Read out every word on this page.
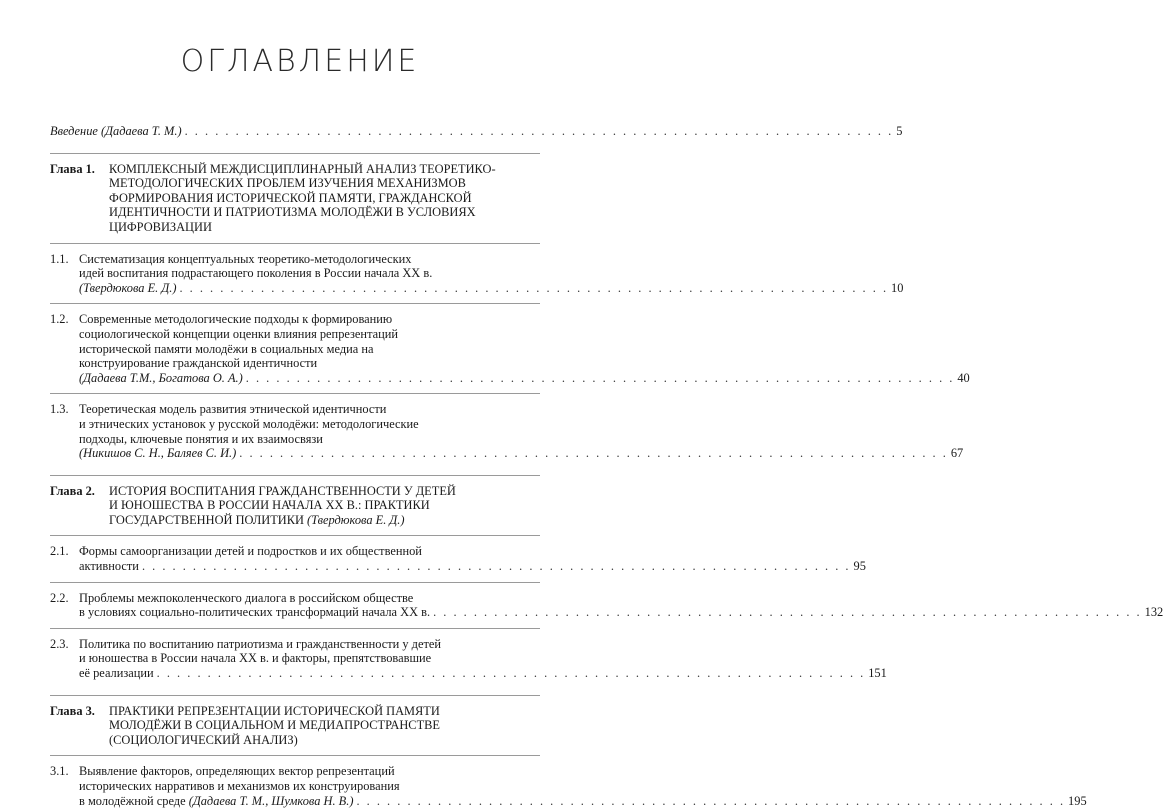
ОГЛАВЛЕНИЕ
Введение (Дадаева Т. М.) . . . . . . . . . . . . . . . . . . . . . . . . . . . . . . . . . . . . . . . . . . . . . . . . . . . . . . . . . . . . . . . . . . . . . . 5
Глава 1. КОМПЛЕКСНЫЙ МЕЖДИСЦИПЛИНАРНЫЙ АНАЛИЗ ТЕОРЕТИКО-
МЕТОДОЛОГИЧЕСКИХ ПРОБЛЕМ ИЗУЧЕНИЯ МЕХАНИЗМОВ
ФОРМИРОВАНИЯ ИСТОРИЧЕСКОЙ ПАМЯТИ, ГРАЖДАНСКОЙ
ИДЕНТИЧНОСТИ И ПАТРИОТИЗМА МОЛОДЁЖИ В УСЛОВИЯХ
ЦИФРОВИЗАЦИИ
1.1. Систематизация концептуальных теоретико-методологических
идей воспитания подрастающего поколения в России начала XX в.
(Твердюкова Е. Д.) . . . . . . . . . . . . . . . . . . . . . . . . . . . . . . . . . . . . . . . . . . . . . . . . . . . . . . . . . . . . . . . . . . . . . . 10
1.2. Современные методологические подходы к формированию
социологической концепции оценки влияния репрезентаций
исторической памяти молодёжи в социальных медиа на
конструирование гражданской идентичности
(Дадаева Т.М., Богатова О. А.) . . . . . . . . . . . . . . . . . . . . . . . . . . . . . . . . . . . . . . . . . . . . . . . . . . . . . . . . . . . . . . . . . . . . . . 40
1.3. Теоретическая модель развития этнической идентичности
и этнических установок у русской молодёжи: методологические
подходы, ключевые понятия и их взаимосвязи
(Никишов С. Н., Баляев С. И.) . . . . . . . . . . . . . . . . . . . . . . . . . . . . . . . . . . . . . . . . . . . . . . . . . . . . . . . . . . . . . . . . . . . . . . 67
Глава 2. ИСТОРИЯ ВОСПИТАНИЯ ГРАЖДАНСТВЕННОСТИ У ДЕТЕЙ
И ЮНОШЕСТВА В РОССИИ НАЧАЛА XX В.: ПРАКТИКИ
ГОСУДАРСТВЕННОЙ ПОЛИТИКИ (Твердюкова Е. Д.)
2.1. Формы самоорганизации детей и подростков и их общественной
активности . . . . . . . . . . . . . . . . . . . . . . . . . . . . . . . . . . . . . . . . . . . . . . . . . . . . . . . . . . . . . . . . . . . . . . 95
2.2. Проблемы межпоколенческого диалога в российском обществе
в условиях социально-политических трансформаций начала XX в. . . . . . . . . . . . . . . . . . . . . . . . . . . . . . . . . . . . . . . . . . . . . . . . . . . . . . . . . . . . . . . . . . . . . . . 132
2.3. Политика по воспитанию патриотизма и гражданственности у детей
и юношества в России начала XX в. и факторы, препятствовавшие
её реализации . . . . . . . . . . . . . . . . . . . . . . . . . . . . . . . . . . . . . . . . . . . . . . . . . . . . . . . . . . . . . . . . . . . . . . 151
Глава 3. ПРАКТИКИ РЕПРЕЗЕНТАЦИИ ИСТОРИЧЕСКОЙ ПАМЯТИ
МОЛОДЁЖИ В СОЦИАЛЬНОМ И МЕДИАПРОСТРАНСТВЕ
(СОЦИОЛОГИЧЕСКИЙ АНАЛИЗ)
3.1. Выявление факторов, определяющих вектор репрезентаций
исторических нарративов и механизмов их конструирования
в молодёжной среде (Дадаева Т. М., Шумкова Н. В.) . . . . . . . . . . . . . . . . . . . . . . . . . . . . . . . . . . . . . . . . . . . . . . . . . . . . . . . . . . . . . . . . . . . . . . 195
